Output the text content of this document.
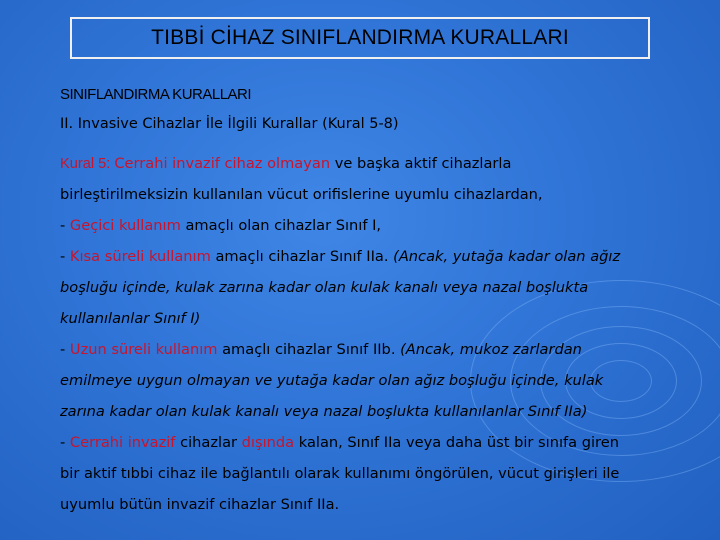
TIBBİ CİHAZ SINIFLANDIRMA KURALLARI
SINIFLANDIRMA KURALLARI
II. Invasive Cihazlar İle İlgili Kurallar (Kural 5-8)
Kural 5: Cerrahi invazif cihaz olmayan ve başka aktif cihazlarla
birleştirilmeksizin kullanılan vücut orifislerine uyumlu cihazlardan,
- Geçici kullanım amaçlı olan cihazlar Sınıf I,
- Kısa süreli kullanım amaçlı cihazlar Sınıf IIa. (Ancak, yutağa kadar olan ağız
boşluğu içinde, kulak zarına kadar olan kulak kanalı veya nazal boşlukta
kullanılanlar Sınıf I)
- Uzun süreli kullanım amaçlı cihazlar Sınıf IIb. (Ancak, mukoz zarlardan
emilmeye uygun olmayan ve yutağa kadar olan ağız boşluğu içinde, kulak
zarına kadar olan kulak kanalı veya nazal boşlukta kullanılanlar Sınıf IIa)
- Cerrahi invazif cihazlar dışında kalan, Sınıf IIa veya daha üst bir sınıfa giren
bir aktif tıbbi cihaz ile bağlantılı olarak kullanımı öngörülen, vücut girişleri ile
uyumlu bütün invazif cihazlar Sınıf IIa.
